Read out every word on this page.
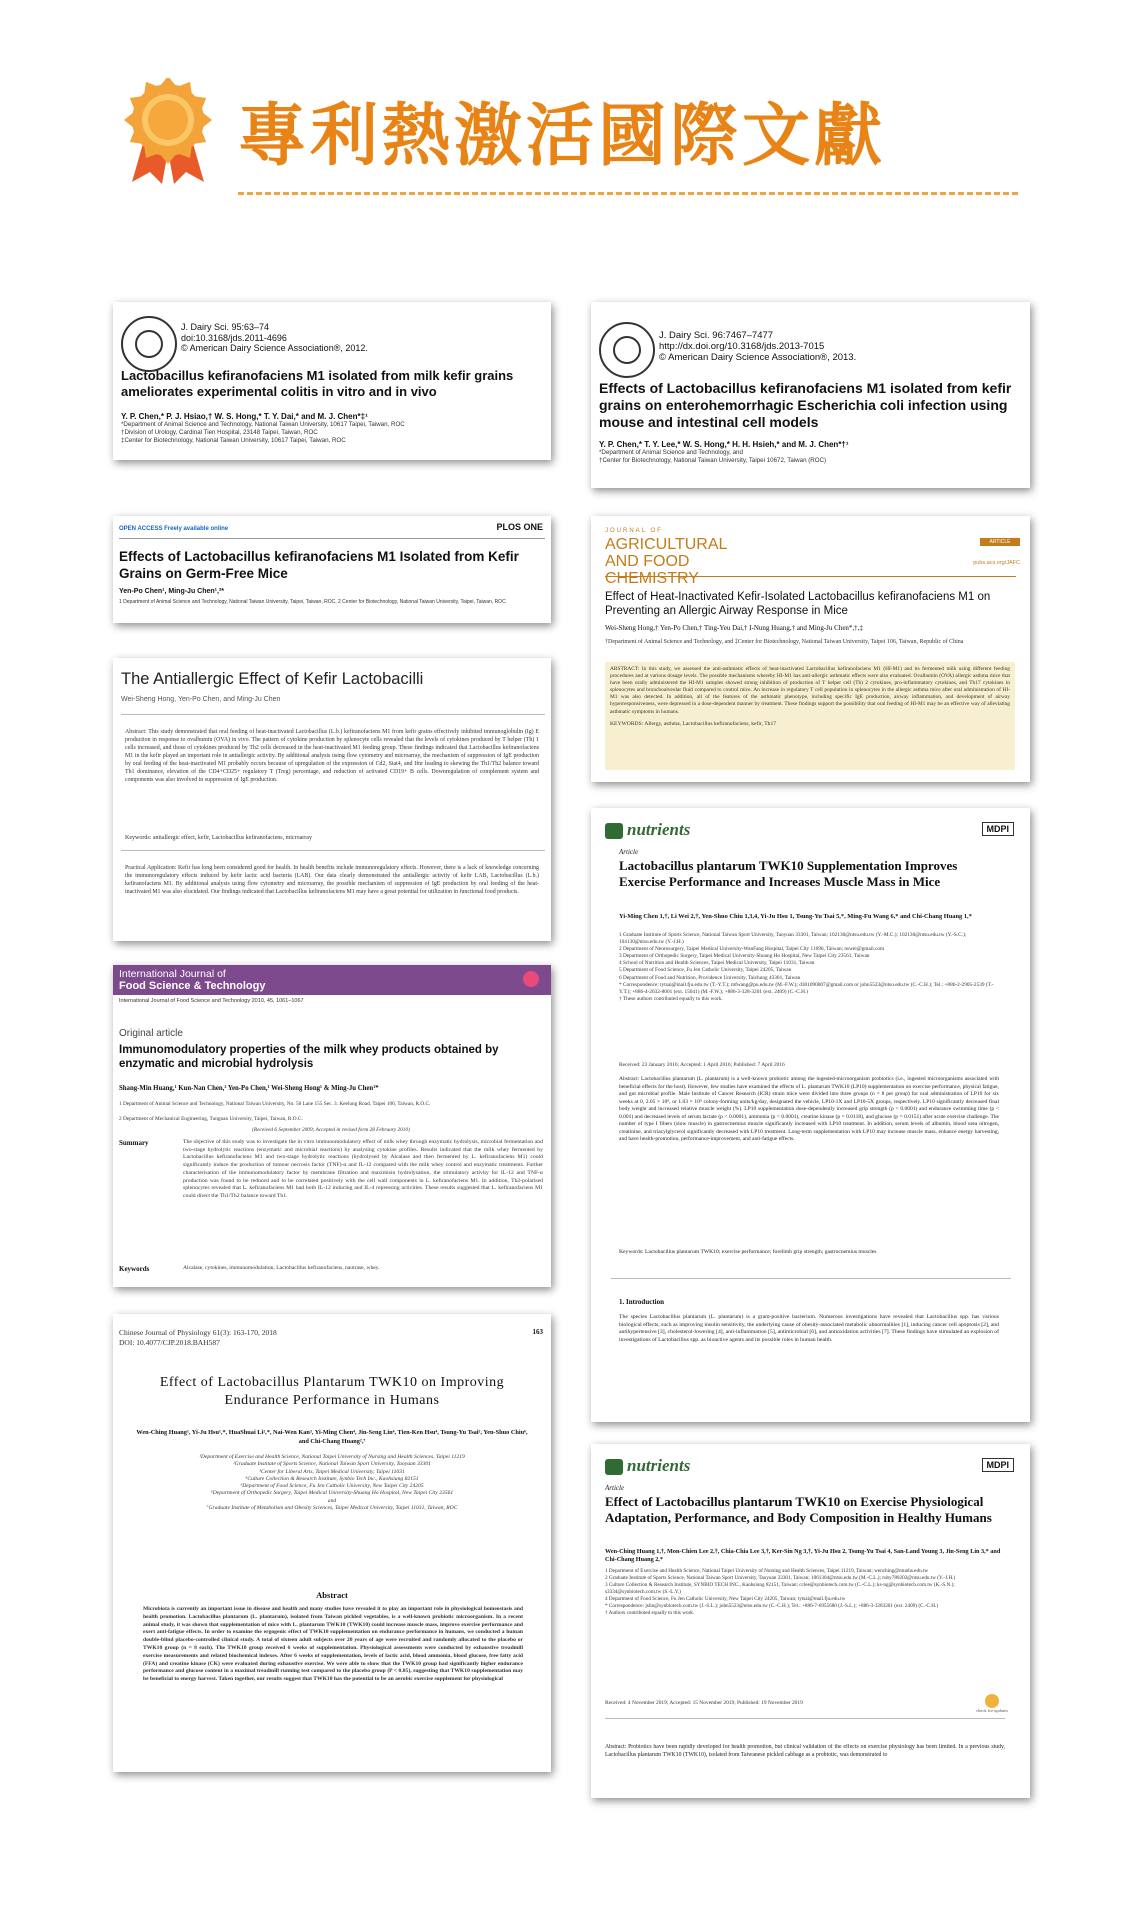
專利熱激活國際文獻
J. Dairy Sci. 95:63–74
doi:10.3168/jds.2011-4696
© American Dairy Science Association®, 2012.
Lactobacillus kefiranofaciens M1 isolated from milk kefir grains ameliorates experimental colitis in vitro and in vivo
Y. P. Chen,* P. J. Hsiao,† W. S. Hong,* T. Y. Dai,* and M. J. Chen*‡¹
*Department of Animal Science and Technology, National Taiwan University, 10617 Taipei, Taiwan, ROC
†Division of Urology, Cardinal Tien Hospital, 23148 Taipei, Taiwan, ROC
‡Center for Biotechnology, National Taiwan University, 10617 Taipei, Taiwan, ROC
J. Dairy Sci. 96:7467–7477
http://dx.doi.org/10.3168/jds.2013-7015
© American Dairy Science Association®, 2013.
Effects of Lactobacillus kefiranofaciens M1 isolated from kefir grains on enterohemorrhagic Escherichia coli infection using mouse and intestinal cell models
Y. P. Chen,* T. Y. Lee,* W. S. Hong,* H. H. Hsieh,* and M. J. Chen*†¹
*Department of Animal Science and Technology, and
†Center for Biotechnology, National Taiwan University, Taipei 10672, Taiwan (ROC)
OPEN ACCESS Freely available online	PLOS ONE
Effects of Lactobacillus kefiranofaciens M1 Isolated from Kefir Grains on Germ-Free Mice
Yen-Po Chen¹, Ming-Ju Chen¹,²*
1 Department of Animal Science and Technology, National Taiwan University, Taipei, Taiwan, ROC, 2 Center for Biotechnology, National Taiwan University, Taipei, Taiwan, ROC
JOURNAL OF
AGRICULTURAL AND FOOD CHEMISTRY
ARTICLE
pubs.acs.org/JAFC
Effect of Heat-Inactivated Kefir-Isolated Lactobacillus kefiranofaciens M1 on Preventing an Allergic Airway Response in Mice
Wei-Sheng Hong,† Yen-Po Chen,† Ting-Yeu Dai,† I-Nung Huang,† and Ming-Ju Chen*,†,‡
†Department of Animal Science and Technology, and ‡Center for Biotechnology, National Taiwan University, Taipei 106, Taiwan, Republic of China
ABSTRACT: In this study, we assessed the anti-asthmatic effects of heat-inactivated Lactobacillus kefiranofaciens M1 (HI-M1) and its fermented milk using different feeding procedures and at various dosage levels. The possible mechanisms whereby HI-M1 has anti-allergic asthmatic effects were also evaluated. Ovalbumin (OVA) allergic asthma mice that have been orally administered the HI-M1 samples showed strong inhibition of production of T helper cell (Th) 2 cytokines, pro-inflammatory cytokines, and Th17 cytokines in splenocytes and bronchoalveolar fluid compared to control mice. An increase in regulatory T cell population in splenocytes in the allergic asthma mice after oral administration of HI-M1 was also detected. In addition, all of the features of the asthmatic phenotype, including specific IgE production, airway inflammation, and development of airway hyperresponsiveness, were depressed in a dose-dependent manner by treatment. These findings support the possibility that oral feeding of HI-M1 may be an effective way of alleviating asthmatic symptoms in humans.
KEYWORDS: Allergy, asthma, Lactobacillus kefiranofaciens, kefir, Th17
The Antiallergic Effect of Kefir Lactobacilli
Wei-Sheng Hong, Yen-Po Chen, and Ming-Ju Chen
Abstract: This study demonstrated that oral feeding of heat-inactivated Lactobacillus (L.b.) kefiranofaciens M1 from kefir grains effectively inhibited immunoglobulin (Ig) E production in response to ovalbumin (OVA) in vivo. The pattern of cytokine production by splenocyte cells revealed that the levels of cytokines produced by T helper (Th) 1 cells increased, and those of cytokines produced by Th2 cells decreased in the heat-inactivated M1 feeding group. These findings indicated that Lactobacillus kefiranofaciens M1 in the kefir played an important role in antiallergic activity. By additional analysis using flow cytometry and microarray, the mechanism of suppression of IgE production by oral feeding of the heat-inactivated M1 probably occurs because of upregulation of the expression of Cd2, Stat4, and Ifnr leading to skewing the Th1/Th2 balance toward Th1 dominance, elevation of the CD4+CD25+ regulatory T (Treg) percentage, and reduction of activated CD19+ B cells. Downregulation of complement system and components was also involved in suppression of IgE production.
Keywords: antiallergic effect, kefir, Lactobacillus kefiranofaciens, microarray
Practical Application: Kefir has long been considered good for health. In health benefits include immunoregulatory effects. However, there is a lack of knowledge concerning the immunoregulatory effects induced by kefir lactic acid bacteria (LAB). Our data clearly demonstrated the antiallergic activity of kefir LAB, Lactobacillus (L.b.) kefiranofaciens M1. By additional analysis using flow cytometry and microarray, the possible mechanism of suppression of IgE production by oral feeding of the heat-inactivated M1 was also elucidated. Our findings indicated that Lactobacillus kefiranofaciens M1 may have a great potential for utilization in functional food products.
International Journal of
Food Science & Technology
International Journal of Food Science and Technology 2010, 45, 1061–1067
Original article
Immunomodulatory properties of the milk whey products obtained by enzymatic and microbial hydrolysis
Shang-Min Huang,¹ Kun-Nan Chen,² Yen-Po Chen,¹ Wei-Sheng Hong¹ & Ming-Ju Chen¹*
1 Department of Animal Science and Technology, National Taiwan University, No. 50 Lane 155 Sec. 3. Keelung Road, Taipei 106, Taiwan, R.O.C.
2 Department of Mechanical Engineering, Tungnan University, Taipei, Taiwan, R.O.C.
(Received 6 September 2009; Accepted in revised form 28 February 2010)
Summary	The objective of this study was to investigate the in vitro immunomodulatory effect of milk whey through enzymatic hydrolysis, microbial fermentation and two-stage hydrolytic reactions (enzymatic and microbial reactions) by analysing cytokine profiles. Results indicated that the milk whey fermented by Lactobacillus kefiranofaciens M1 and two-stage hydrolytic reactions (hydrolysed by Alcalase and then fermented by L. kefiranofaciens M1) could significantly induce the production of tumour necrosis factor (TNF)-α and IL-12 compared with the milk whey control and enzymatic treatments. Further characterisation of the immunomodulatory factor by membrane filtration and maximisin hydrolysation, the stimulatory activity for IL-12 and TNF-α production was found to be reduced and to be correlated positively with the cell wall components in L. kefiranofaciens M1. In addition, Th2-polarised splenocytes revealed that L. kefiranofaciens M1 had both IL-12 inducing and IL-4 repressing activities. These results suggested that L. kefiranofaciens M1 could direct the Th1/Th2 balance toward Th1.
Keywords	Alcalase, cytokines, immunomodulation, Lactobacillus kefiranofaciens, nautrase, whey.
nutrients	MDPI
Article
Lactobacillus plantarum TWK10 Supplementation Improves Exercise Performance and Increases Muscle Mass in Mice
Yi-Ming Chen 1,†, Li Wei 2,†, Yen-Shuo Chiu 1,3,4, Yi-Ju Hsu 1, Tsung-Yu Tsai 5,*, Ming-Fu Wang 6,* and Chi-Chang Huang 1,*
1 Graduate Institute of Sports Science, National Taiwan Sport University, Taoyuan 33301, Taiwan; 102130@ntsu.edu.tw (Y.-M.C.); 102130@ntsu.edu.tw (Y.-S.C.); 104130@ntsu.edu.tw (Y.-J.H.)
2 Department of Neurosurgery, Taipei Medical University-WanFang Hospital, Taipei City 11696, Taiwan; nswei@gmail.com
3 Department of Orthopedic Surgery, Taipei Medical University-Shuang Ho Hospital, New Taipei City 23561, Taiwan
4 School of Nutrition and Health Sciences, Taipei Medical University, Taipei 11031, Taiwan
5 Department of Food Science, Fu Jen Catholic University, Taipei 24205, Taiwan
6 Department of Food and Nutrition, Providence University, Taichung 43301, Taiwan
* Correspondence: tytsai@mail.fju.edu.tw (T.-Y.T.); mfwang@pu.edu.tw (M.-F.W.); d301090007@gmail.com or john5523@ntsu.edu.tw (C.-C.H.); Tel.: +886-2-2905-2539 (T.-Y.T.); +886-4-2632-8001 (ext. 15041) (M.-F.W.); +886-3-328-3201 (ext. 2409) (C.-C.H.)
† These authors contributed equally to this work.
Received: 23 January 2016; Accepted: 1 April 2016; Published: 7 April 2016
Abstract: Lactobacillus plantarum (L. plantarum) is a well-known probiotic among the ingested-microorganism probiotics (i.e., ingested microorganisms associated with beneficial effects for the host). However, few studies have examined the effects of L. plantarum TWK10 (LP10) supplementation on exercise performance, physical fatigue, and gut microbial profile. Male Institute of Cancer Research (ICR) strain mice were divided into three groups (n = 8 per group) for oral administration of LP10 for six weeks at 0, 2.05 × 10⁸, or 1.03 × 10⁹ colony-forming units/kg/day, designated the vehicle, LP10-1X and LP10-5X groups, respectively. LP10 significantly decreased final body weight and increased relative muscle weight (%). LP10 supplementation dose-dependently increased grip strength (p < 0.0001) and endurance swimming time (p < 0.001) and decreased levels of serum lactate (p < 0.0001), ammonia (p < 0.0001), creatine kinase (p = 0.0118), and glucose (p = 0.0151) after acute exercise challenge. The number of type I fibers (slow muscle) in gastrocnemius muscle significantly increased with LP10 treatment. In addition, serum levels of albumin, blood urea nitrogen, creatinine, and triacylglycerol significantly decreased with LP10 treatment. Long-term supplementation with LP10 may increase muscle mass, enhance energy harvesting, and have health-promotion, performance-improvement, and anti-fatigue effects.
Keywords: Lactobacillus plantarum TWK10; exercise performance; forelimb grip strength; gastrocnemius muscles
1. Introduction
The species Lactobacillus plantarum (L. plantarum) is a gram-positive bacterium. Numerous investigations have revealed that Lactobacillus spp. has various biological effects, such as improving insulin sensitivity, the underlying cause of obesity-associated metabolic abnormalities [1], inducing cancer cell apoptosis [2], and antihypertensive [3], cholesterol-lowering [4], anti-inflammation [5], antimicrobial [6], and antioxidation activities [7]. These findings have stimulated an explosion of investigations of Lactobacillus spp. as bioactive agents and its possible roles in human health.
Chinese Journal of Physiology 61(3): 163-170, 2018
DOI: 10.4077/CJP.2018.BAH587
163
Effect of Lactobacillus Plantarum TWK10 on Improving Endurance Performance in Humans
Wen-Ching Huang¹, Yi-Ju Hsu¹,*, HuaShuai Li²,*, Nai-Wen Kan³, Yi-Ming Chen⁴, Jin-Seng Lin⁴, Tien-Ken Hsu⁴, Tsung-Yu Tsai⁵, Yen-Shuo Chiu⁶, and Chi-Chang Huang²,⁷
¹Department of Exercise and Health Science, National Taipei University of Nursing and Health Sciences, Taipei 11219
²Graduate Institute of Sports Science, National Taiwan Sport University, Taoyuan 33301
³Center for Liberal Arts, Taipei Medical University, Taipei 11031
⁴Culture Collection & Research Institute, Synbio Tech Inc., Kaohsiung 82151
⁵Department of Food Science, Fu Jen Catholic University, New Taipei City 24205
⁶Department of Orthopedic Surgery, Taipei Medical University-Shuang Ho Hospital, New Taipei City 23561
and
⁷Graduate Institute of Metabolism and Obesity Sciences, Taipei Medical University, Taipei 11031, Taiwan, ROC
Abstract
Microbiota is currently an important issue in disease and health and many studies have revealed it to play an important role in physiological homeostasis and health promotion. Lactobacillus plantarum (L. plantarum), isolated from Taiwan pickled vegetables, is a well-known probiotic microorganism. In a recent animal study, it was shown that supplementation of mice with L. plantarum TWK10 (TWK10) could increase muscle mass, improve exercise performance and exert anti-fatigue effects. In order to examine the ergogenic effect of TWK10 supplementation on endurance performance in humans, we conducted a human double-blind placebo-controlled clinical study. A total of sixteen adult subjects over 20 years of age were recruited and randomly allocated to the placebo or TWK10 group (n = 8 each). The TWK10 group received 6 weeks of supplementation. Physiological assessments were conducted by exhaustive treadmill exercise measurements and related biochemical indexes. After 6 weeks of supplementation, levels of lactic acid, blood ammonia, blood glucose, free fatty acid (FFA) and creatine kinase (CK) were evaluated during exhaustive exercise. We were able to show that the TWK10 group had significantly higher endurance performance and glucose content in a maximal treadmill running test compared to the placebo group (P < 0.05), suggesting that TWK10 supplementation may be beneficial to energy harvest. Taken together, our results suggest that TWK10 has the potential to be an aerobic exercise supplement for physiological
nutrients	MDPI
Article
Effect of Lactobacillus plantarum TWK10 on Exercise Physiological Adaptation, Performance, and Body Composition in Healthy Humans
Wen-Ching Huang 1,†, Mon-Chien Lee 2,†, Chia-Chia Lee 3,†, Ker-Sin Ng 3,†, Yi-Ju Hsu 2, Tsung-Yu Tsai 4, San-Land Young 3, Jin-Seng Lin 3,* and Chi-Chang Huang 2,*
1 Department of Exercise and Health Science, National Taipei University of Nursing and Health Sciences, Taipei 11219, Taiwan; wenching@ntunhs.edu.tw
2 Graduate Institute of Sports Science, National Taiwan Sport University, Taoyuan 33301, Taiwan; 1061304@ntsu.edu.tw (M.-C.L.); ruby780202@ntsu.edu.tw (Y.-J.H.)
3 Culture Collection & Research Institute, SYNBIO TECH INC., Kaohsiung 82151, Taiwan; cclee@synbiotech.com.tw (C.-C.L.); ks-ng@synbiotech.com.tw (K.-S.N.); s3334@synbiotech.com.tw (S.-L.Y.)
4 Department of Food Science, Fu Jen Catholic University, New Taipei City 24205, Taiwan; tytsai@mail.fju.edu.tw
* Correspondence: jslin@synbiotech.com.tw (J.-S.L.); john5523@ntsu.edu.tw (C.-C.H.); Tel.: +886-7-6955680 (J.-S.L.); +886-3-3283201 (ext. 2409) (C.-C.H.)
† Authors contributed equally to this work.
Received: 4 November 2019; Accepted: 15 November 2019; Published: 19 November 2019
check for updates
Abstract: Probiotics have been rapidly developed for health promotion, but clinical validation of the effects on exercise physiology has been limited. In a previous study, Lactobacillus plantarum TWK10 (TWK10), isolated from Taiwanese pickled cabbage as a probiotic, was demonstrated to
